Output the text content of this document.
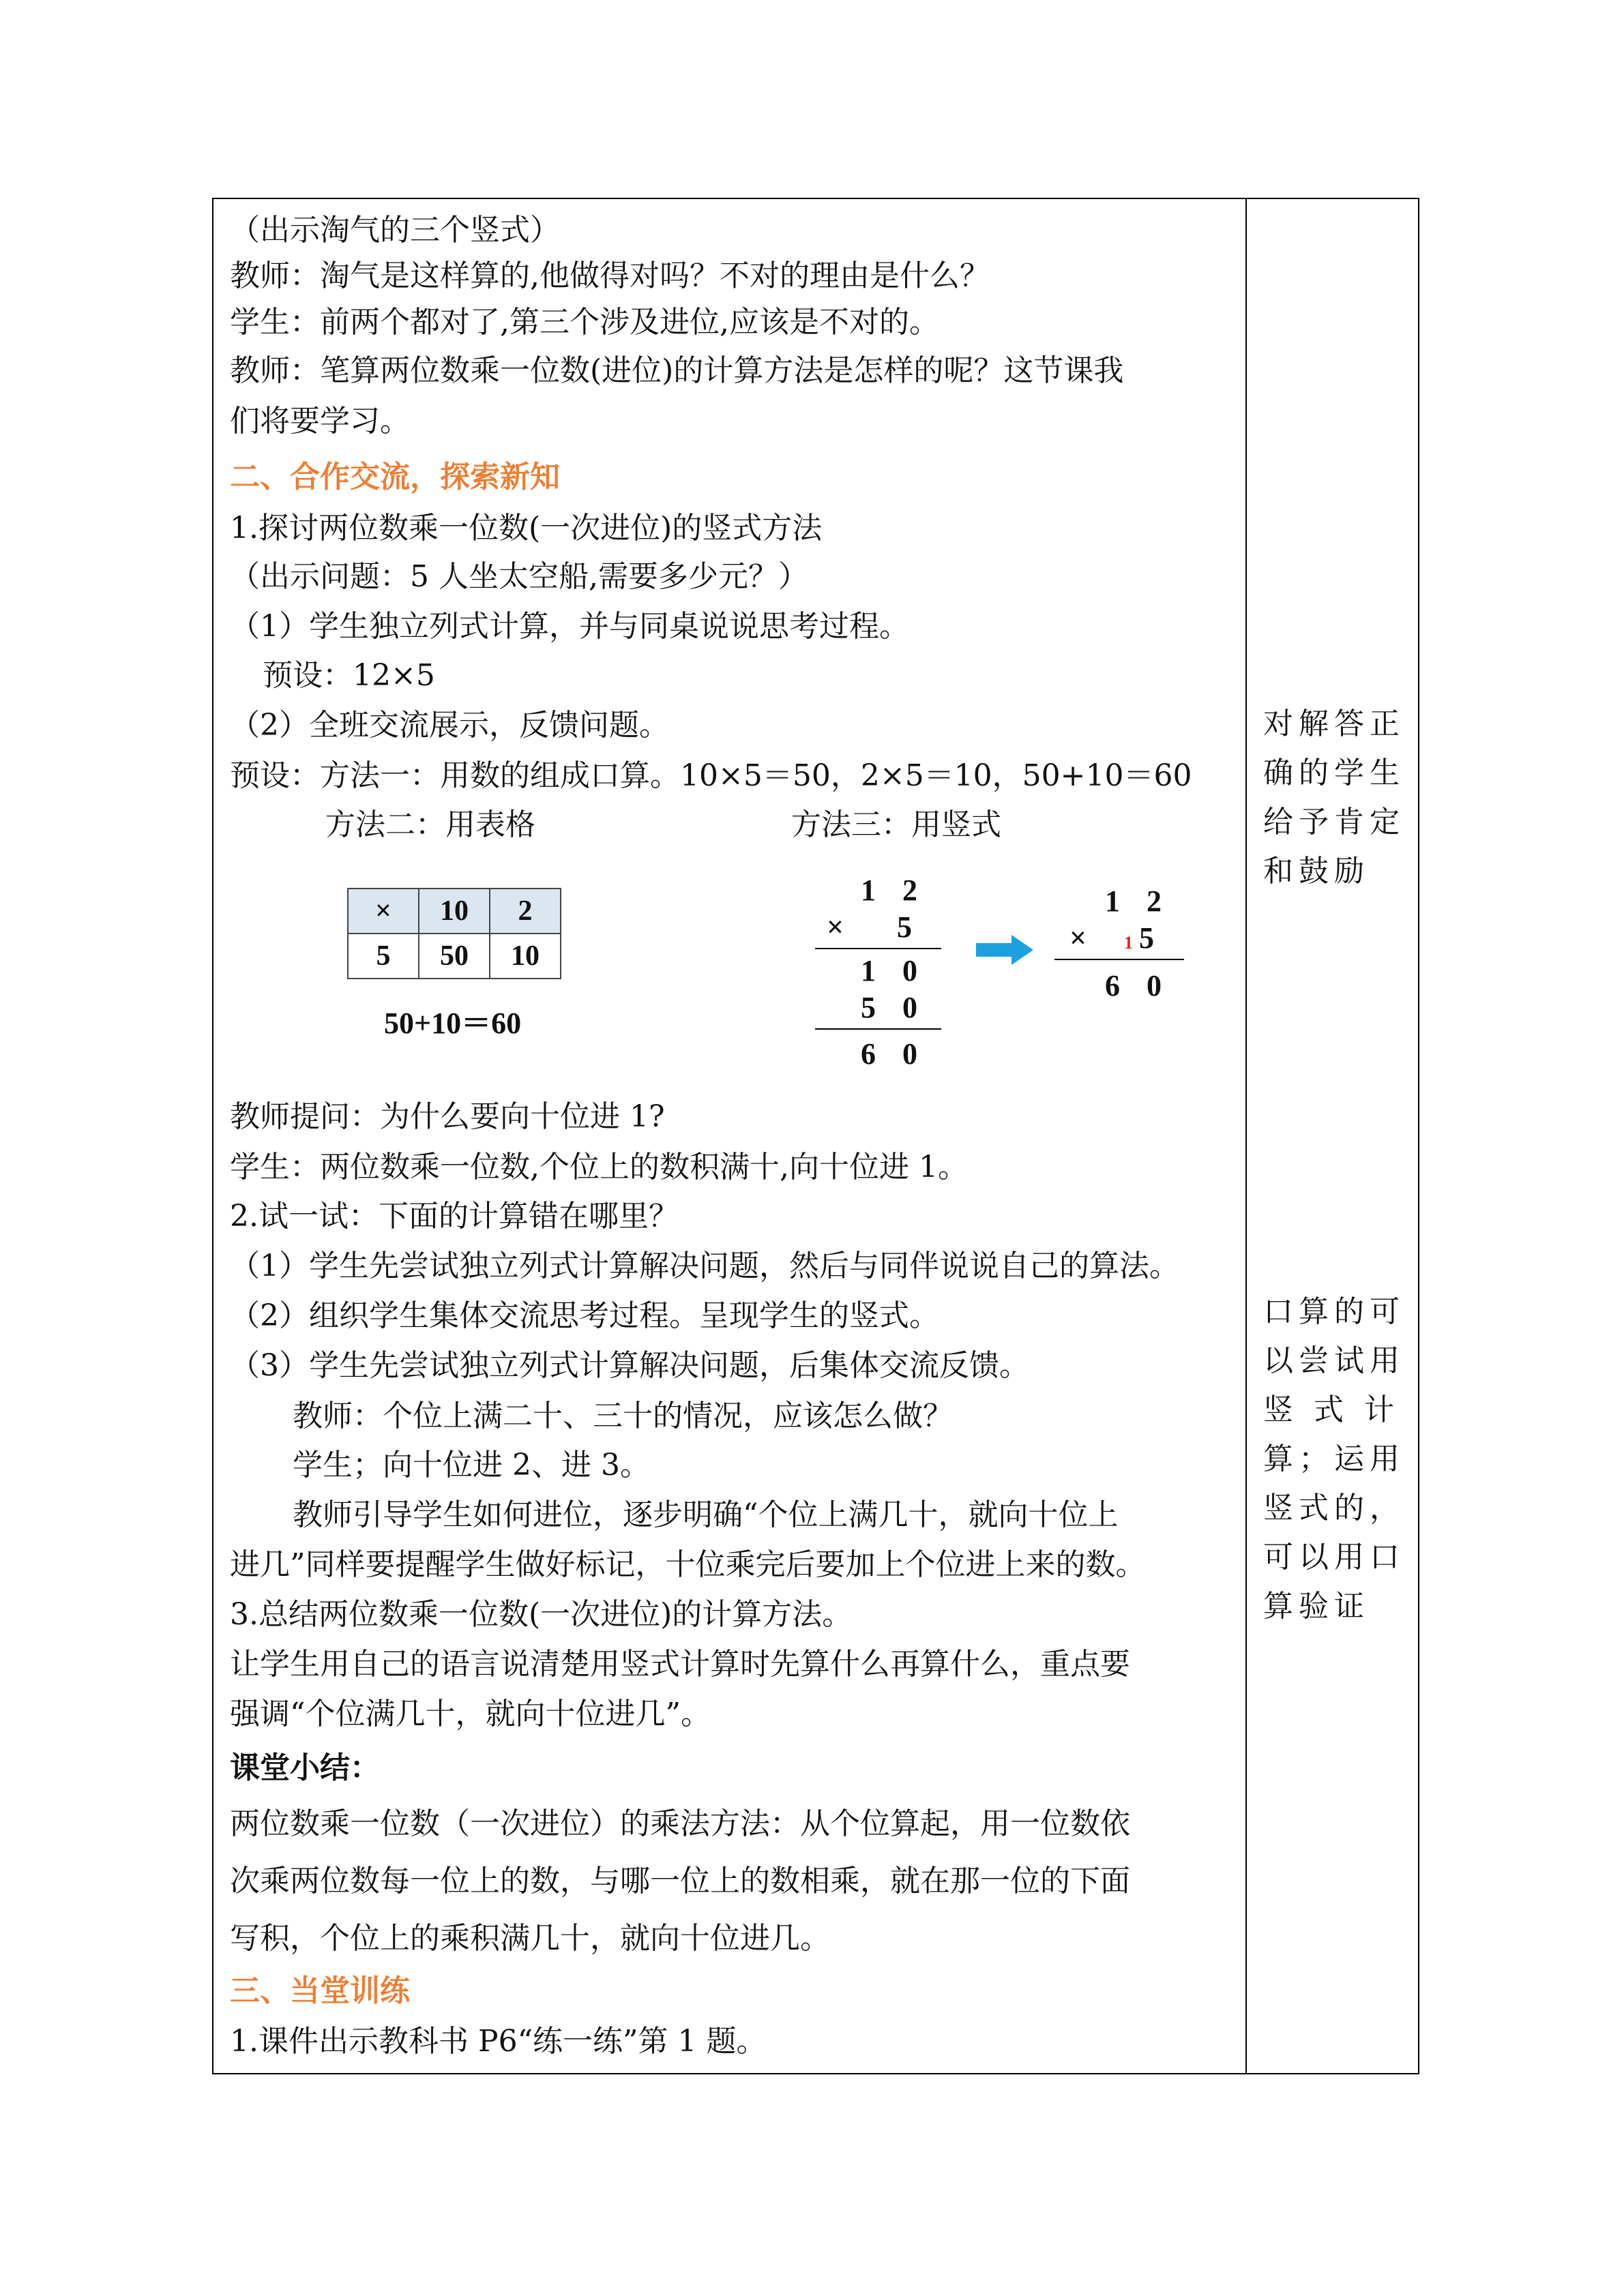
（出示淘气的三个竖式）
教师：淘气是这样算的,他做得对吗？不对的理由是什么？
学生：前两个都对了,第三个涉及进位,应该是不对的。
教师：笔算两位数乘一位数(进位)的计算方法是怎样的呢？这节课我
们将要学习。
二、合作交流，探索新知
1.探讨两位数乘一位数(一次进位)的竖式方法
（出示问题：5 人坐太空船,需要多少元？）
（1）学生独立列式计算，并与同桌说说思考过程。
预设：12×5
（2）全班交流展示，反馈问题。
预设：方法一：用数的组成口算。10×5＝50，2×5＝10，50+10＝60
方法二：用表格	方法三：用竖式
×	10	2
5	50	10
50+10＝60
1 2
× 5
1 0
5 0
6 0
1 2
× 1 5
6 0
教师提问：为什么要向十位进 1?
学生：两位数乘一位数,个位上的数积满十,向十位进 1。
2.试一试：下面的计算错在哪里？
（1）学生先尝试独立列式计算解决问题，然后与同伴说说自己的算法。
（2）组织学生集体交流思考过程。呈现学生的竖式。
（3）学生先尝试独立列式计算解决问题，后集体交流反馈。
教师：个位上满二十、三十的情况，应该怎么做？
学生；向十位进 2、进 3。
教师引导学生如何进位，逐步明确“个位上满几十，就向十位上
进几”同样要提醒学生做好标记，十位乘完后要加上个位进上来的数。
3.总结两位数乘一位数(一次进位)的计算方法。
让学生用自己的语言说清楚用竖式计算时先算什么再算什么，重点要
强调“个位满几十，就向十位进几”。
课堂小结：
两位数乘一位数（一次进位）的乘法方法：从个位算起，用一位数依
次乘两位数每一位上的数，与哪一位上的数相乘，就在那一位的下面
写积，个位上的乘积满几十，就向十位进几。
三、当堂训练
1.课件出示教科书 P6“练一练”第 1 题。
对解答正
确的学生
给予肯定
和鼓励
口算的可
以尝试用
竖 式 计
算；运用
竖式的，
可以用口
算验证
